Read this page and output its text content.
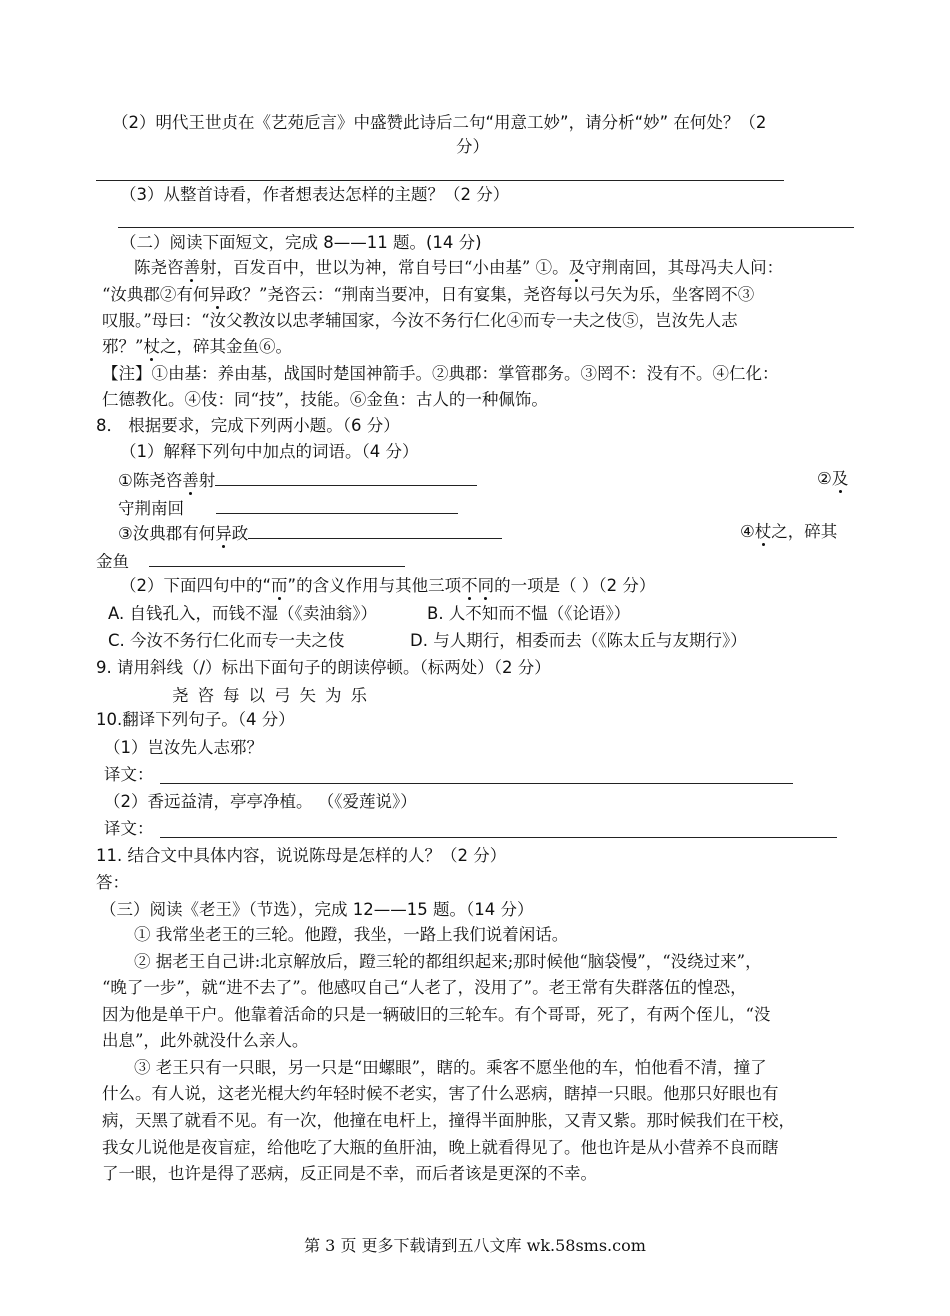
（2）明代王世贞在《艺苑卮言》中盛赞此诗后二句“用意工妙”，请分析“妙” 在何处？（2
分）
（3）从整首诗看，作者想表达怎样的主题？（2 分）
（二）阅读下面短文，完成 8——11 题。(14 分)
陈尧咨善射，百发百中，世以为神，常自号曰“小由基” ①。及守荆南回，其母冯夫人问：
“汝典郡②有何异政？”尧咨云：“荆南当要冲，日有宴集，尧咨每以弓矢为乐，坐客罔不③
叹服。”母曰：“汝父教汝以忠孝辅国家，今汝不务行仁化④而专一夫之伎⑤，岂汝先人志
邪？”杖之，碎其金鱼⑥。
【注】①由基：养由基，战国时楚国神箭手。②典郡：掌管郡务。③罔不：没有不。④仁化：
仁德教化。④伎：同“技”，技能。⑥金鱼：古人的一种佩饰。
8． 根据要求，完成下列两小题。（6 分）
（1）解释下列句中加点的词语。（4 分）
①陈尧咨善射	②及
守荆南回
③汝典郡有何异政	④杖之，碎其
金鱼
（2）下面四句中的“而”的含义作用与其他三项不同的一项是（ ）（2 分）
A. 自钱孔入，而钱不湿（《卖油翁》）	B. 人不知而不愠（《论语》）
C. 今汝不务行仁化而专一夫之伎	D. 与人期行，相委而去（《陈太丘与友期行》）
9. 请用斜线（/）标出下面句子的朗读停顿。（标两处）（2 分）
尧咨每以弓矢为乐
10.翻译下列句子。（4 分）
（1）岂汝先人志邪？
译文：
（2）香远益清，亭亭净植。 （《爱莲说》）
译文：
11. 结合文中具体内容，说说陈母是怎样的人？（2 分）
答：
（三）阅读《老王》（节选），完成 12——15 题。（14 分）
① 我常坐老王的三轮。他蹬，我坐，一路上我们说着闲话。
② 据老王自己讲:北京解放后，蹬三轮的都组织起来;那时候他“脑袋慢”，“没绕过来”，
“晚了一步”，就“进不去了”。他感叹自己“人老了，没用了”。老王常有失群落伍的惶恐，
因为他是单干户。他靠着活命的只是一辆破旧的三轮车。有个哥哥，死了，有两个侄儿，“没
出息”，此外就没什么亲人。
③ 老王只有一只眼，另一只是“田螺眼”，瞎的。乘客不愿坐他的车，怕他看不清，撞了
什么。有人说，这老光棍大约年轻时候不老实，害了什么恶病，瞎掉一只眼。他那只好眼也有
病，天黑了就看不见。有一次，他撞在电杆上，撞得半面肿胀，又青又紫。那时候我们在干校，
我女儿说他是夜盲症，给他吃了大瓶的鱼肝油，晚上就看得见了。他也许是从小营养不良而瞎
了一眼，也许是得了恶病，反正同是不幸，而后者该是更深的不幸。
第 3 页 更多下载请到五八文库 wk.58sms.com
